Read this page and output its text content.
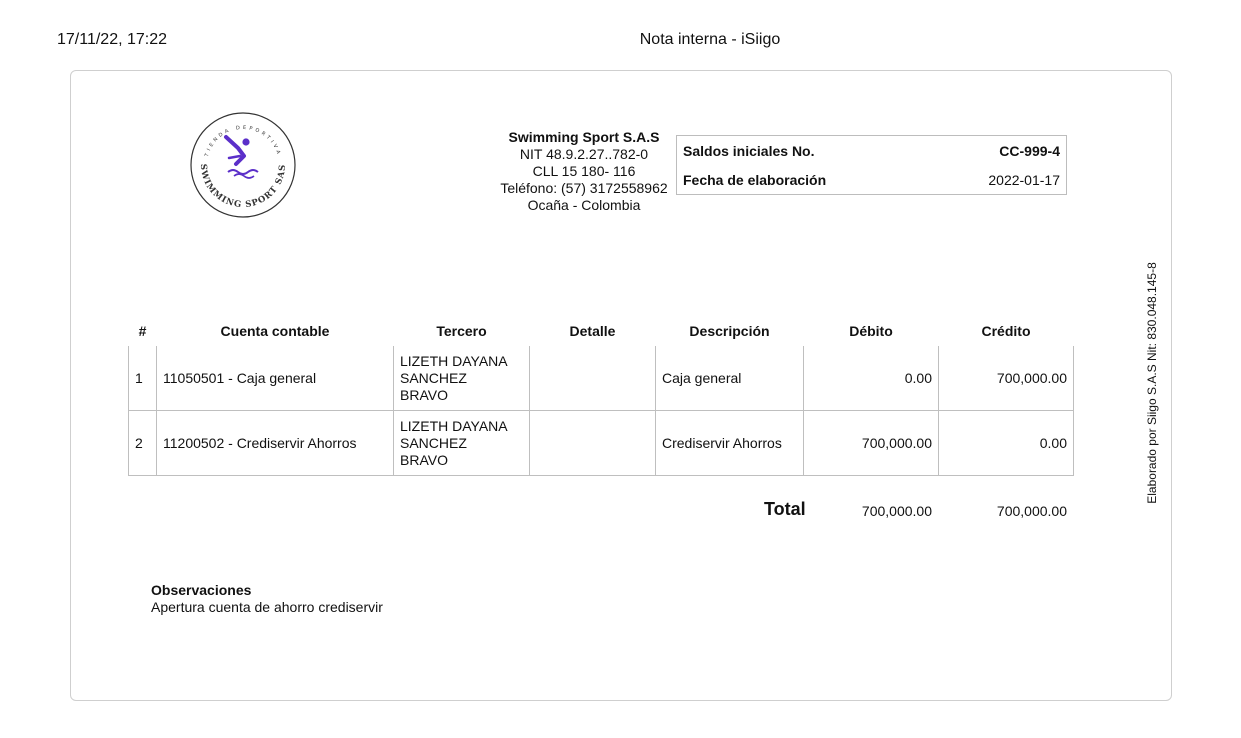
17/11/22, 17:22	Nota interna - iSiigo
TIENDA DEPORTIVA
SWIMMING SPORT SAS
Swimming Sport S.A.S
NIT 48.9.2.27..782-0
CLL 15 180- 116
Teléfono: (57) 3172558962
Ocaña - Colombia
Saldos iniciales No.	CC-999-4
Fecha de elaboración	2022-01-17
#	Cuenta contable	Tercero	Detalle	Descripción	Débito	Crédito
1	11050501 - Caja general	LIZETH DAYANA
SANCHEZ
BRAVO		Caja general	0.00	700,000.00
2	11200502 - Crediservir Ahorros	LIZETH DAYANA
SANCHEZ
BRAVO		Crediservir Ahorros	700,000.00	0.00
Total	700,000.00	700,000.00
Observaciones
Apertura cuenta de ahorro crediservir
Elaborado por Siigo S.A.S Nit: 830.048.145-8
